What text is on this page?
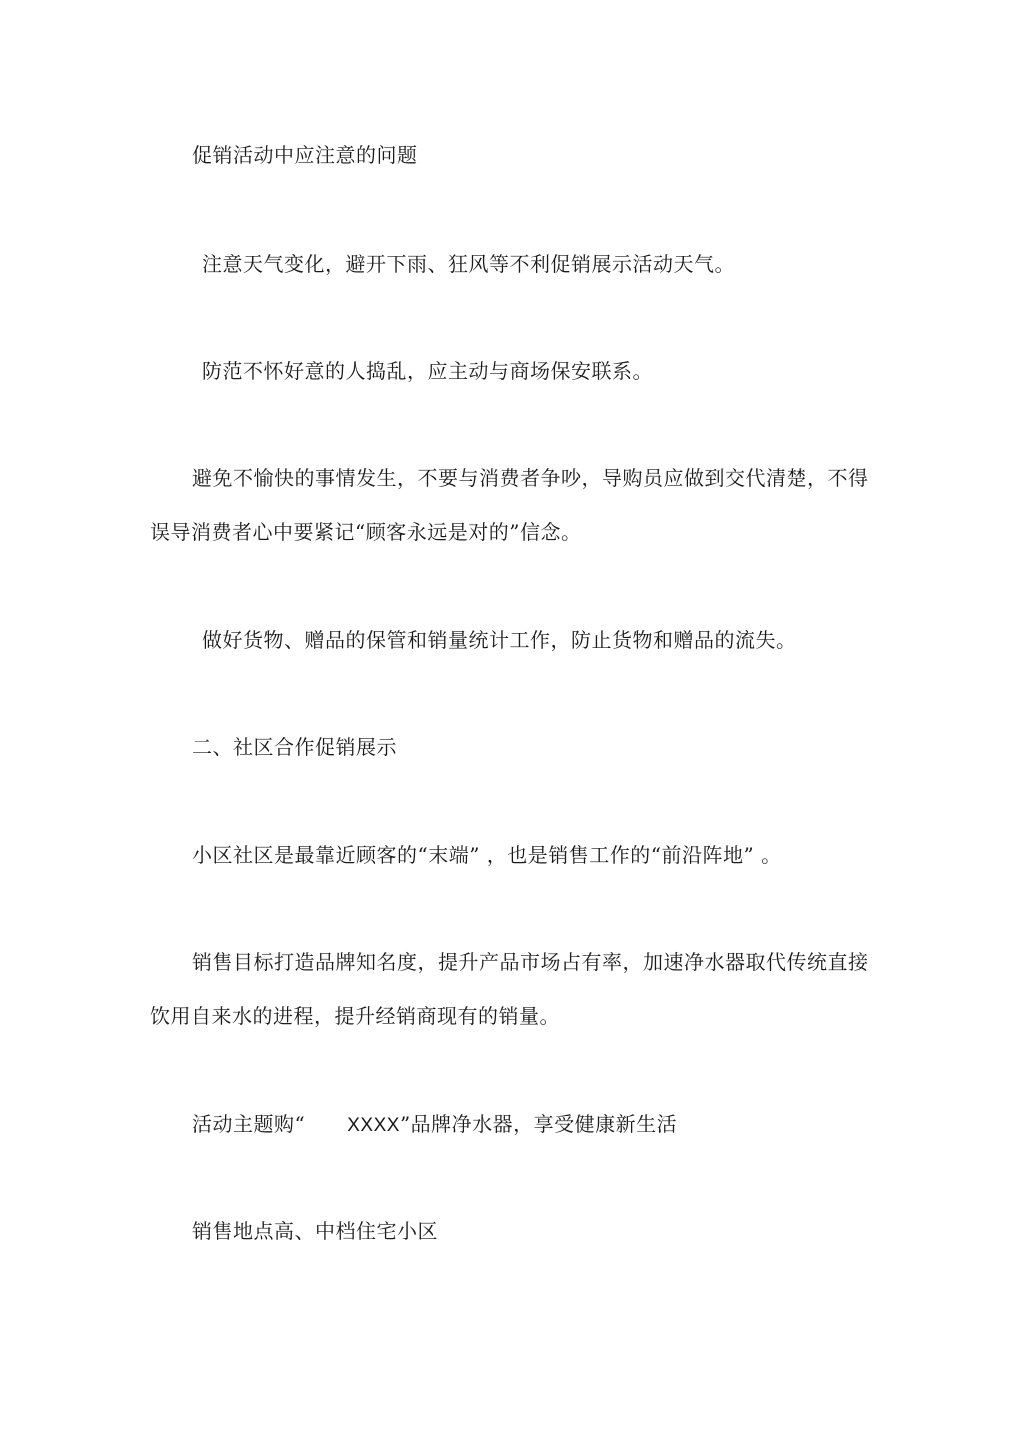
促销活动中应注意的问题
注意天气变化，避开下雨、狂风等不利促销展示活动天气。
防范不怀好意的人捣乱，应主动与商场保安联系。
避免不愉快的事情发生，不要与消费者争吵，导购员应做到交代清楚，不得
误导消费者心中要紧记“顾客永远是对的”信念。
做好货物、赠品的保管和销量统计工作，防止货物和赠品的流失。
二、社区合作促销展示
小区社区是最靠近顾客的“末端” ，也是销售工作的“前沿阵地” 。
销售目标打造品牌知名度，提升产品市场占有率，加速净水器取代传统直接
饮用自来水的进程，提升经销商现有的销量。
活动主题购“ XXXX”品牌净水器，享受健康新生活
销售地点高、中档住宅小区
